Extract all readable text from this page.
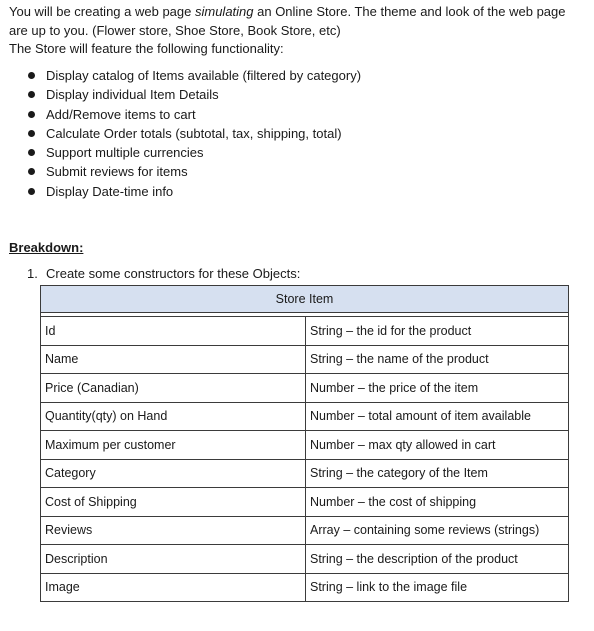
You will be creating a web page simulating an Online Store. The theme and look of the web page are up to you. (Flower store, Shoe Store, Book Store, etc)

The Store will feature the following functionality:

Display catalog of Items available (filtered by category)
Display individual Item Details
Add/Remove items to cart
Calculate Order totals (subtotal, tax, shipping, total)
Support multiple currencies
Submit reviews for items
Display Date-time info
Breakdown:
1. Create some constructors for these Objects:
Store Item	

Id	String – the id for the product
Name	String – the name of the product
Price (Canadian)	Number – the price of the item
Quantity(qty) on Hand	Number – total amount of item available
Maximum per customer	Number – max qty allowed in cart
Category	String – the category of the Item
Cost of Shipping	Number – the cost of shipping
Reviews	Array – containing some reviews (strings)
Description	String – the description of the product
Image	String – link to the image file
